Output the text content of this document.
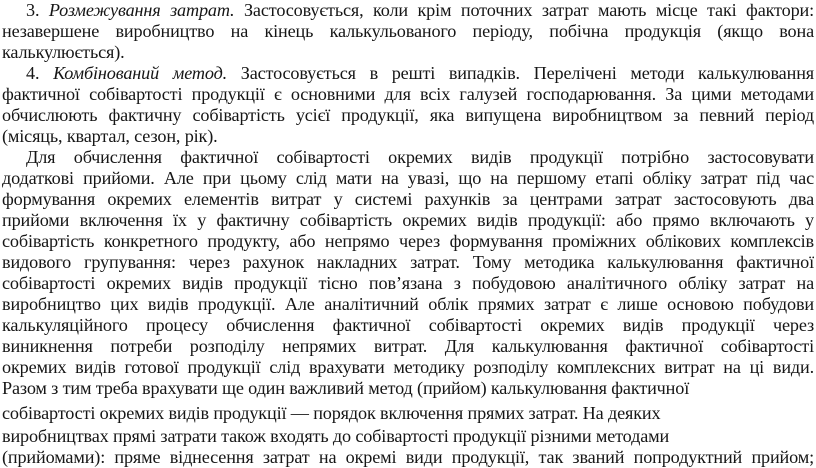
3. Розмежування затрат. Застосовується, коли крім поточних затрат мають місце такі фактори:
незавершене виробництво на кінець калькульованого періоду, побічна продукція (якщо вона
калькулюється).
4. Комбінований метод. Застосовується в решті випадків. Перелічені методи калькулювання
фактичної собівартості продукції є основними для всіх галузей господарювання. За цими методами
обчислюють фактичну собівартість усієї продукції, яка випущена виробництвом за певний період
(місяць, квартал, сезон, рік).
Для обчислення фактичної собівартості окремих видів продукції потрібно застосовувати
додаткові прийоми. Але при цьому слід мати на увазі, що на першому етапі обліку затрат під час
формування окремих елементів витрат у системі рахунків за центрами затрат застосовують два
прийоми включення їх у фактичну собівартість окремих видів продукції: або прямо включають у
собівартість конкретного продукту, або непрямо через формування проміжних облікових комплексів
видового групування: через рахунок накладних затрат. Тому методика калькулювання фактичної
собівартості окремих видів продукції тісно пов’язана з побудовою аналітичного обліку затрат на
виробництво цих видів продукції. Але аналітичний облік прямих затрат є лише основою побудови
калькуляційного процесу обчислення фактичної собівартості окремих видів продукції через
виникнення потреби розподілу непрямих витрат. Для калькулювання фактичної собівартості
окремих видів готової продукції слід врахувати методику розподілу комплексних витрат на ці види.
Разом з тим треба врахувати ще один важливий метод (прийом) калькулювання фактичної
собівартості окремих видів продукції — порядок включення прямих затрат. На деяких
виробництвах прямі затрати також входять до собівартості продукції різними методами
(прийомами): пряме віднесення затрат на окремі види продукції, так званий попродуктний прийом;
